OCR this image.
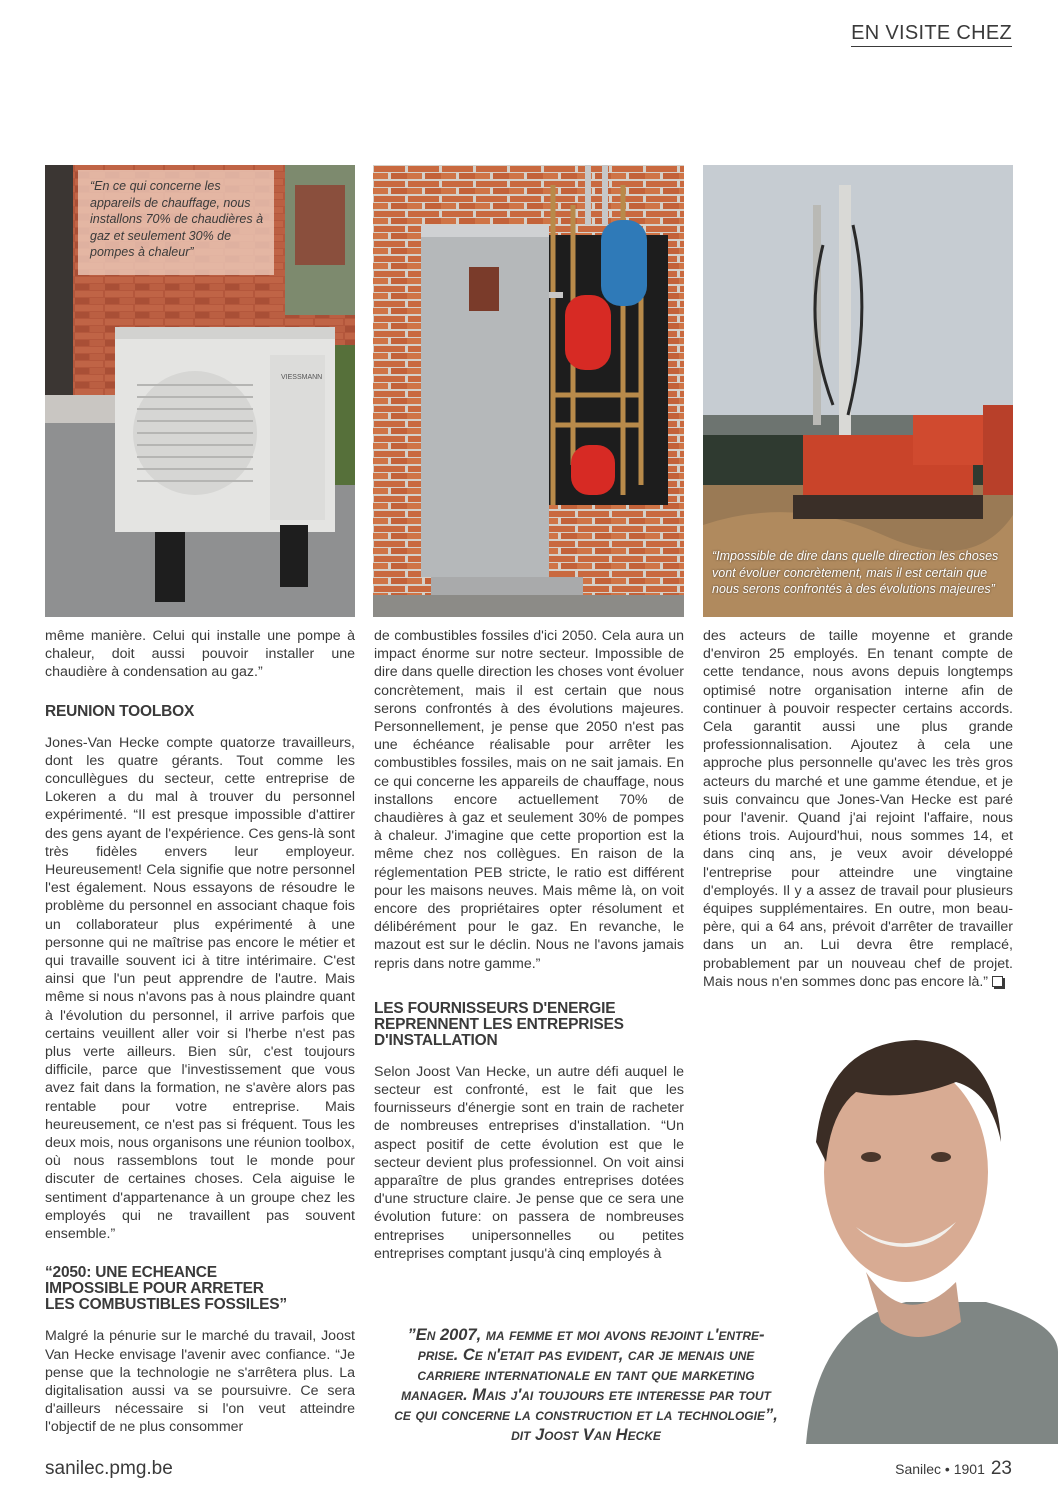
EN VISITE CHEZ
VIESSMANN
“En ce qui concerne les appareils de chauffage, nous installons 70% de chaudières à gaz et seulement 30% de pompes à chaleur”
“Impossible de dire dans quelle direction les choses vont évoluer concrètement, mais il est certain que nous serons confrontés à des évolutions majeures”

même manière. Celui qui installe une pompe à chaleur, doit aussi pouvoir installer une chaudière à condensation au gaz.”

REUNION TOOLBOX

Jones-Van Hecke compte quatorze travailleurs, dont les quatre gérants. Tout comme les concullègues du secteur, cette entreprise de Lokeren a du mal à trouver du personnel expérimenté. “Il est presque impossible d'attirer des gens ayant de l'expérience. Ces gens-là sont très fidèles envers leur employeur. Heureusement! Cela signifie que notre personnel l'est également. Nous essayons de résoudre le problème du personnel en associant chaque fois un collaborateur plus expérimenté à une personne qui ne maîtrise pas encore le métier et qui travaille souvent ici à titre intérimaire. C'est ainsi que l'un peut apprendre de l'autre. Mais même si nous n'avons pas à nous plaindre quant à l'évolution du personnel, il arrive parfois que certains veuillent aller voir si l'herbe n'est pas plus verte ailleurs. Bien sûr, c'est toujours difficile, parce que l'investissement que vous avez fait dans la formation, ne s'avère alors pas rentable pour votre entreprise. Mais heureusement, ce n'est pas si fréquent. Tous les deux mois, nous organisons une réunion toolbox, où nous rassemblons tout le monde pour discuter de certaines choses. Cela aiguise le sentiment d'appartenance à un groupe chez les employés qui ne travaillent pas souvent ensemble.”

“2050: UNE ECHEANCE
IMPOSSIBLE POUR ARRETER
LES COMBUSTIBLES FOSSILES”

Malgré la pénurie sur le marché du travail, Joost Van Hecke envisage l'avenir avec confiance. “Je pense que la technologie ne s'arrêtera plus. La digitalisation aussi va se poursuivre. Ce sera d'ailleurs nécessaire si l'on veut atteindre l'objectif de ne plus consommer

de combustibles fossiles d'ici 2050. Cela aura un impact énorme sur notre secteur. Impossible de dire dans quelle direction les choses vont évoluer concrètement, mais il est certain que nous serons confrontés à des évolutions majeures. Personnellement, je pense que 2050 n'est pas une échéance réalisable pour arrêter les combustibles fossiles, mais on ne sait jamais. En ce qui concerne les appareils de chauffage, nous installons encore actuellement 70% de chaudières à gaz et seulement 30% de pompes à chaleur. J'imagine que cette proportion est la même chez nos collègues. En raison de la réglementation PEB stricte, le ratio est différent pour les maisons neuves. Mais même là, on voit encore des propriétaires opter résolument et délibérément pour le gaz. En revanche, le mazout est sur le déclin. Nous ne l'avons jamais repris dans notre gamme.”

LES FOURNISSEURS D'ENERGIE
REPRENNENT LES ENTREPRISES
D'INSTALLATION

Selon Joost Van Hecke, un autre défi auquel le secteur est confronté, est le fait que les fournisseurs d'énergie sont en train de racheter de nombreuses entreprises d'installation. “Un aspect positif de cette évolution est que le secteur devient plus professionnel. On voit ainsi apparaître de plus grandes entreprises dotées d'une structure claire. Je pense que ce sera une évolution future: on passera de nombreuses entreprises unipersonnelles ou petites entreprises comptant jusqu'à cinq employés à

des acteurs de taille moyenne et grande d'environ 25 employés. En tenant compte de cette tendance, nous avons depuis longtemps optimisé notre organisation interne afin de continuer à pouvoir respecter certains accords. Cela garantit aussi une plus grande professionnalisation. Ajoutez à cela une approche plus personnelle qu'avec les très gros acteurs du marché et une gamme étendue, et je suis convaincu que Jones-Van Hecke est paré pour l'avenir. Quand j'ai rejoint l'affaire, nous étions trois. Aujourd'hui, nous sommes 14, et dans cinq ans, je veux avoir développé l'entreprise pour atteindre une vingtaine d'employés. Il y a assez de travail pour plusieurs équipes supplémentaires. En outre, mon beau-père, qui a 64 ans, prévoit d'arrêter de travailler dans un an. Lui devra être remplacé, probablement par un nouveau chef de projet. Mais nous n'en sommes donc pas encore là.”

”En 2007, ma femme et moi avons rejoint l'entre-
prise. Ce n'etait pas evident, car je menais une
carriere internationale en tant que marketing
manager. Mais j'ai toujours ete interesse par tout
ce qui concerne la construction et la technologie”,
dit Joost Van Hecke
sanilec.pmg.be	Sanilec • 1901 23
